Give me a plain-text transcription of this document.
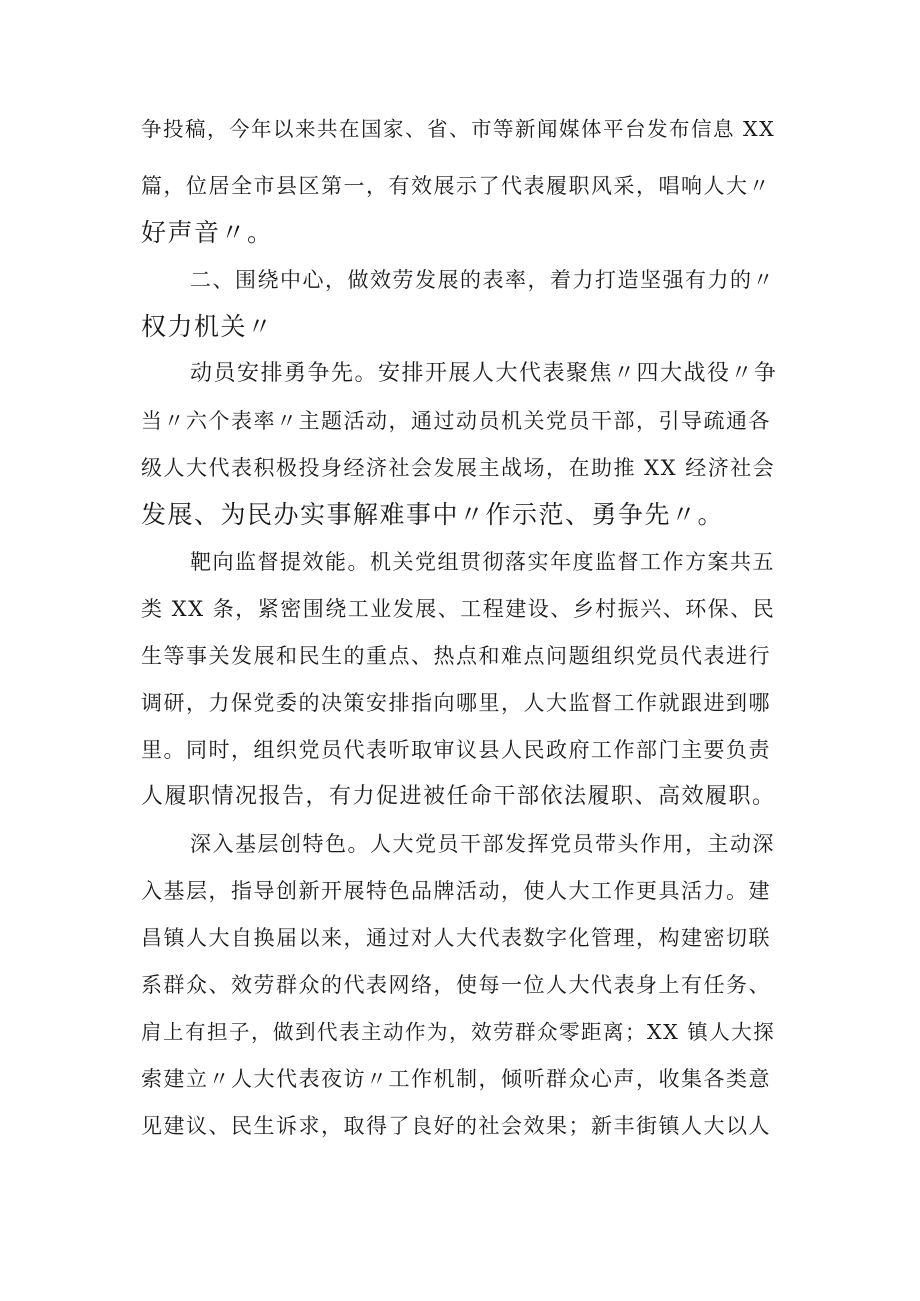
争投稿，今年以来共在国家、省、市等新闻媒体平台发布信息 XX
篇，位居全市县区第一，有效展示了代表履职风采，唱响人大〃
好声音〃。
二、围绕中心，做效劳发展的表率，着力打造坚强有力的〃
权力机关〃
动员安排勇争先。安排开展人大代表聚焦〃四大战役〃争
当〃六个表率〃主题活动，通过动员机关党员干部，引导疏通各
级人大代表积极投身经济社会发展主战场，在助推 XX 经济社会
发展、为民办实事解难事中〃作示范、勇争先〃。
靶向监督提效能。机关党组贯彻落实年度监督工作方案共五
类 XX 条，紧密围绕工业发展、工程建设、乡村振兴、环保、民
生等事关发展和民生的重点、热点和难点问题组织党员代表进行
调研，力保党委的决策安排指向哪里，人大监督工作就跟进到哪
里。同时，组织党员代表听取审议县人民政府工作部门主要负责
人履职情况报告，有力促进被任命干部依法履职、高效履职。
深入基层创特色。人大党员干部发挥党员带头作用，主动深
入基层，指导创新开展特色品牌活动，使人大工作更具活力。建
昌镇人大自换届以来，通过对人大代表数字化管理，构建密切联
系群众、效劳群众的代表网络，使每一位人大代表身上有任务、
肩上有担子，做到代表主动作为，效劳群众零距离；XX 镇人大探
索建立〃人大代表夜访〃工作机制，倾听群众心声，收集各类意
见建议、民生诉求，取得了良好的社会效果；新丰街镇人大以人
